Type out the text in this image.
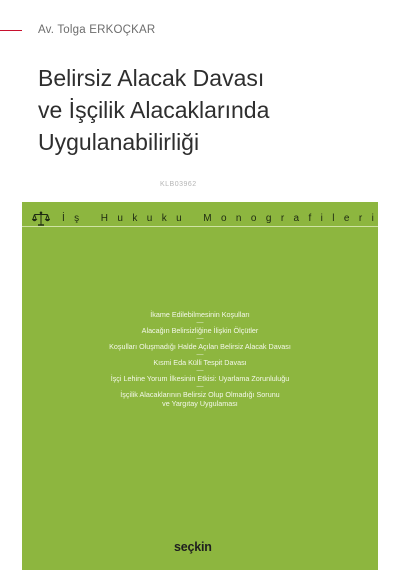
Av. Tolga ERKOÇKAR
Belirsiz Alacak Davası
ve İşçilik Alacaklarında
Uygulanabilirliği
KLB03962
İş Hukuku Monografileri
İkame Edilebilmesinin Koşulları
—
Alacağın Belirsizliğine İlişkin Ölçütler
—
Koşulları Oluşmadığı Halde Açılan Belirsiz Alacak Davası
—
Kısmi Eda Külli Tespit Davası
—
İşçi Lehine Yorum İlkesinin Etkisi: Uyarlama Zorunluluğu
—
İşçilik Alacaklarının Belirsiz Olup Olmadığı Sorunu
ve Yargıtay Uygulaması
seçkin
